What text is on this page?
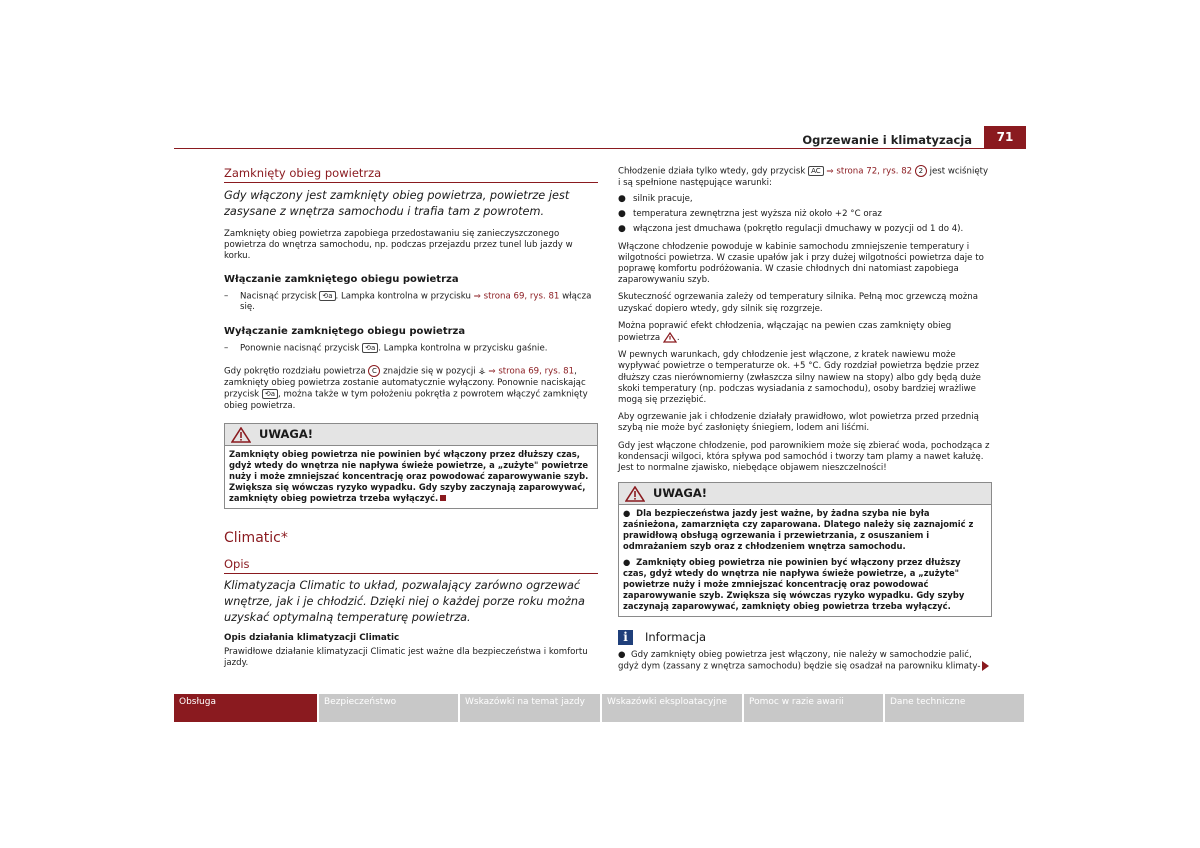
Ogrzewanie i klimatyzacja	71
Zamknięty obieg powietrza

Gdy włączony jest zamknięty obieg powietrza, powietrze jest zasysane z wnętrza samochodu i trafia tam z powrotem.

Zamknięty obieg powietrza zapobiega przedostawaniu się zanieczyszczonego powietrza do wnętrza samochodu, np. podczas przejazdu przez tunel lub jazdy w korku.

Włączanie zamkniętego obiegu powietrza
–	Nacisnąć przycisk ⟲a . Lampka kontrolna w przycisku ⇒ strona 69, rys. 81 włącza się.

Wyłączanie zamkniętego obiegu powietrza
–	Ponownie nacisnąć przycisk ⟲a . Lampka kontrolna w przycisku gaśnie.

Gdy pokrętło rozdziału powietrza C znajdzie się w pozycji ⚶ ⇒ strona 69, rys. 81, zamknięty obieg powietrza zostanie automatycznie wyłączony. Ponownie naciskając przycisk ⟲a , można także w tym położeniu pokrętła z powrotem włączyć zamknięty obieg powietrza.

UWAGA!
Zamknięty obieg powietrza nie powinien być włączony przez dłuższy czas, gdyż wtedy do wnętrza nie napływa świeże powietrze, a „zużyte" powietrze nuży i może zmniejszać koncentrację oraz powodować zaparowywanie szyb. Zwiększa się wówczas ryzyko wypadku. Gdy szyby zaczynają zaparowywać, zamknięty obieg powietrza trzeba wyłączyć.
Climatic*
Opis

Klimatyzacja Climatic to układ, pozwalający zarówno ogrzewać wnętrze, jak i je chłodzić. Dzięki niej o każdej porze roku można uzyskać optymalną temperaturę powietrza.

Opis działania klimatyzacji Climatic

Prawidłowe działanie klimatyzacji Climatic jest ważne dla bezpieczeństwa i komfortu jazdy.

Chłodzenie działa tylko wtedy, gdy przycisk AC ⇒ strona 72, rys. 82 2 jest wciśnięty i są spełnione następujące warunki:

● silnik pracuje,

● temperatura zewnętrzna jest wyższa niż około +2 °C oraz

● włączona jest dmuchawa (pokrętło regulacji dmuchawy w pozycji od 1 do 4).

Włączone chłodzenie powoduje w kabinie samochodu zmniejszenie temperatury i wilgotności powietrza. W czasie upałów jak i przy dużej wilgotności powietrza daje to poprawę komfortu podróżowania. W czasie chłodnych dni natomiast zapobiega zaparowywaniu szyb.

Skuteczność ogrzewania zależy od temperatury silnika. Pełną moc grzewczą można uzyskać dopiero wtedy, gdy silnik się rozgrzeje.

Można poprawić efekt chłodzenia, włączając na pewien czas zamknięty obieg powietrza .

W pewnych warunkach, gdy chłodzenie jest włączone, z kratek nawiewu może wypływać powietrze o temperaturze ok. +5 °C. Gdy rozdział powietrza będzie przez dłuższy czas nierównomierny (zwłaszcza silny nawiew na stopy) albo gdy będą duże skoki temperatury (np. podczas wysiadania z samochodu), osoby bardziej wrażliwe mogą się przeziębić.

Aby ogrzewanie jak i chłodzenie działały prawidłowo, wlot powietrza przed przednią szybą nie może być zasłonięty śniegiem, lodem ani liśćmi.

Gdy jest włączone chłodzenie, pod parownikiem może się zbierać woda, pochodząca z kondensacji wilgoci, która spływa pod samochód i tworzy tam plamy a nawet kałużę. Jest to normalne zjawisko, niebędące objawem nieszczelności!

UWAGA!

●  Dla bezpieczeństwa jazdy jest ważne, by żadna szyba nie była zaśnieżona, zamarznięta czy zaparowana. Dlatego należy się zaznajomić z prawidłową obsługą ogrzewania i przewietrzania, z osuszaniem i odmrażaniem szyb oraz z chłodzeniem wnętrza samochodu.

●  Zamknięty obieg powietrza nie powinien być włączony przez dłuższy czas, gdyż wtedy do wnętrza nie napływa świeże powietrze, a „zużyte" powietrze nuży i może zmniejszać koncentrację oraz powodować zaparowywanie szyb. Zwiększa się wówczas ryzyko wypadku. Gdy szyby zaczynają zaparowywać, zamknięty obieg powietrza trzeba wyłączyć.

i	Informacja

●  Gdy zamknięty obieg powietrza jest włączony, nie należy w samochodzie palić, gdyż dym (zassany z wnętrza samochodu) będzie się osadzał na parowniku klimaty-

Obsługa	Bezpieczeństwo	Wskazówki na temat jazdy	Wskazówki eksploatacyjne	Pomoc w razie awarii	Dane techniczne
